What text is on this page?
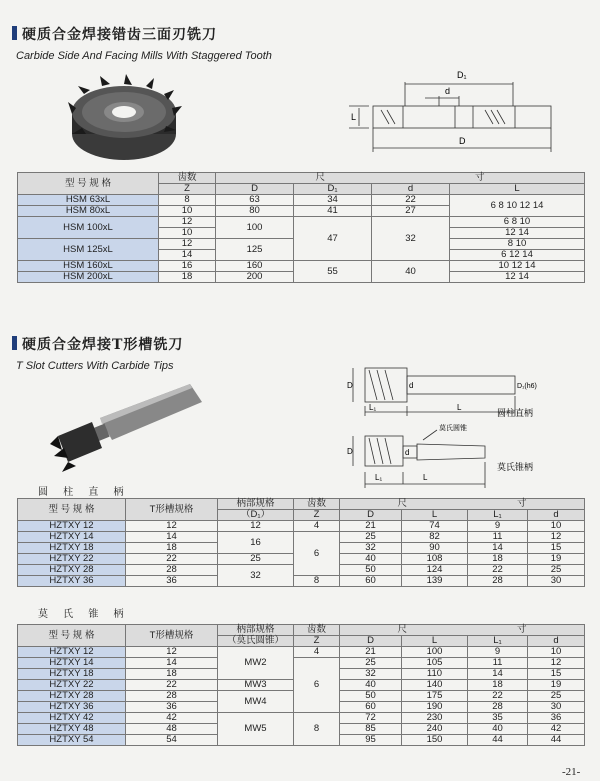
硬质合金焊接错齿三面刃铣刀
Carbide Side And Facing Mills With Staggered Tooth
D₁
d
D
L
型 号 规 格	齿数	尺 寸			
	Z	D	D₁	d	L
HSM 63xL	8	63	34	22	6 8 10 12 14
HSM 80xL	10	80	41	27	
HSM 100xL	12	100	47	32	6 8 10
	10				12 14
HSM 125xL	12	125			8 10
	14				6 12 14
HSM 160xL	16	160	55	40	10 12 14
HSM 200xL	18	200			12 14
硬质合金焊接T形槽铣刀
T Slot Cutters With Carbide Tips
D	d
L₁	L
D₁(h6)
圆柱直柄
莫氏圆锥
D	d
L₁	L
莫氏锥柄
圆 柱 直 柄
型 号 规 格	T形槽规格	柄部规格	齿数	尺 寸			
		（D₁）	Z	D	L	L₁	d
HZTXY 12	12	12	4	21	74	9	10
HZTXY 14	14	16	6	25	82	11	12
HZTXY 18	18			32	90	14	15
HZTXY 22	22	25		40	108	18	19
HZTXY 28	28	32		50	124	22	25
HZTXY 36	36		8	60	139	28	30
莫 氏 锥 柄
型 号 规 格	T形槽规格	柄部规格	齿数	尺 寸			
		（莫氏圆锥）	Z	D	L	L₁	d
HZTXY 12	12	MW2	4	21	100	9	10
HZTXY 14	14		6	25	105	11	12
HZTXY 18	18			32	110	14	15
HZTXY 22	22	MW3		40	140	18	19
HZTXY 28	28	MW4		50	175	22	25
HZTXY 36	36			60	190	28	30
HZTXY 42	42	MW5	8	72	230	35	36
HZTXY 48	48			85	240	40	42
HZTXY 54	54			95	150	44	44
-21-
